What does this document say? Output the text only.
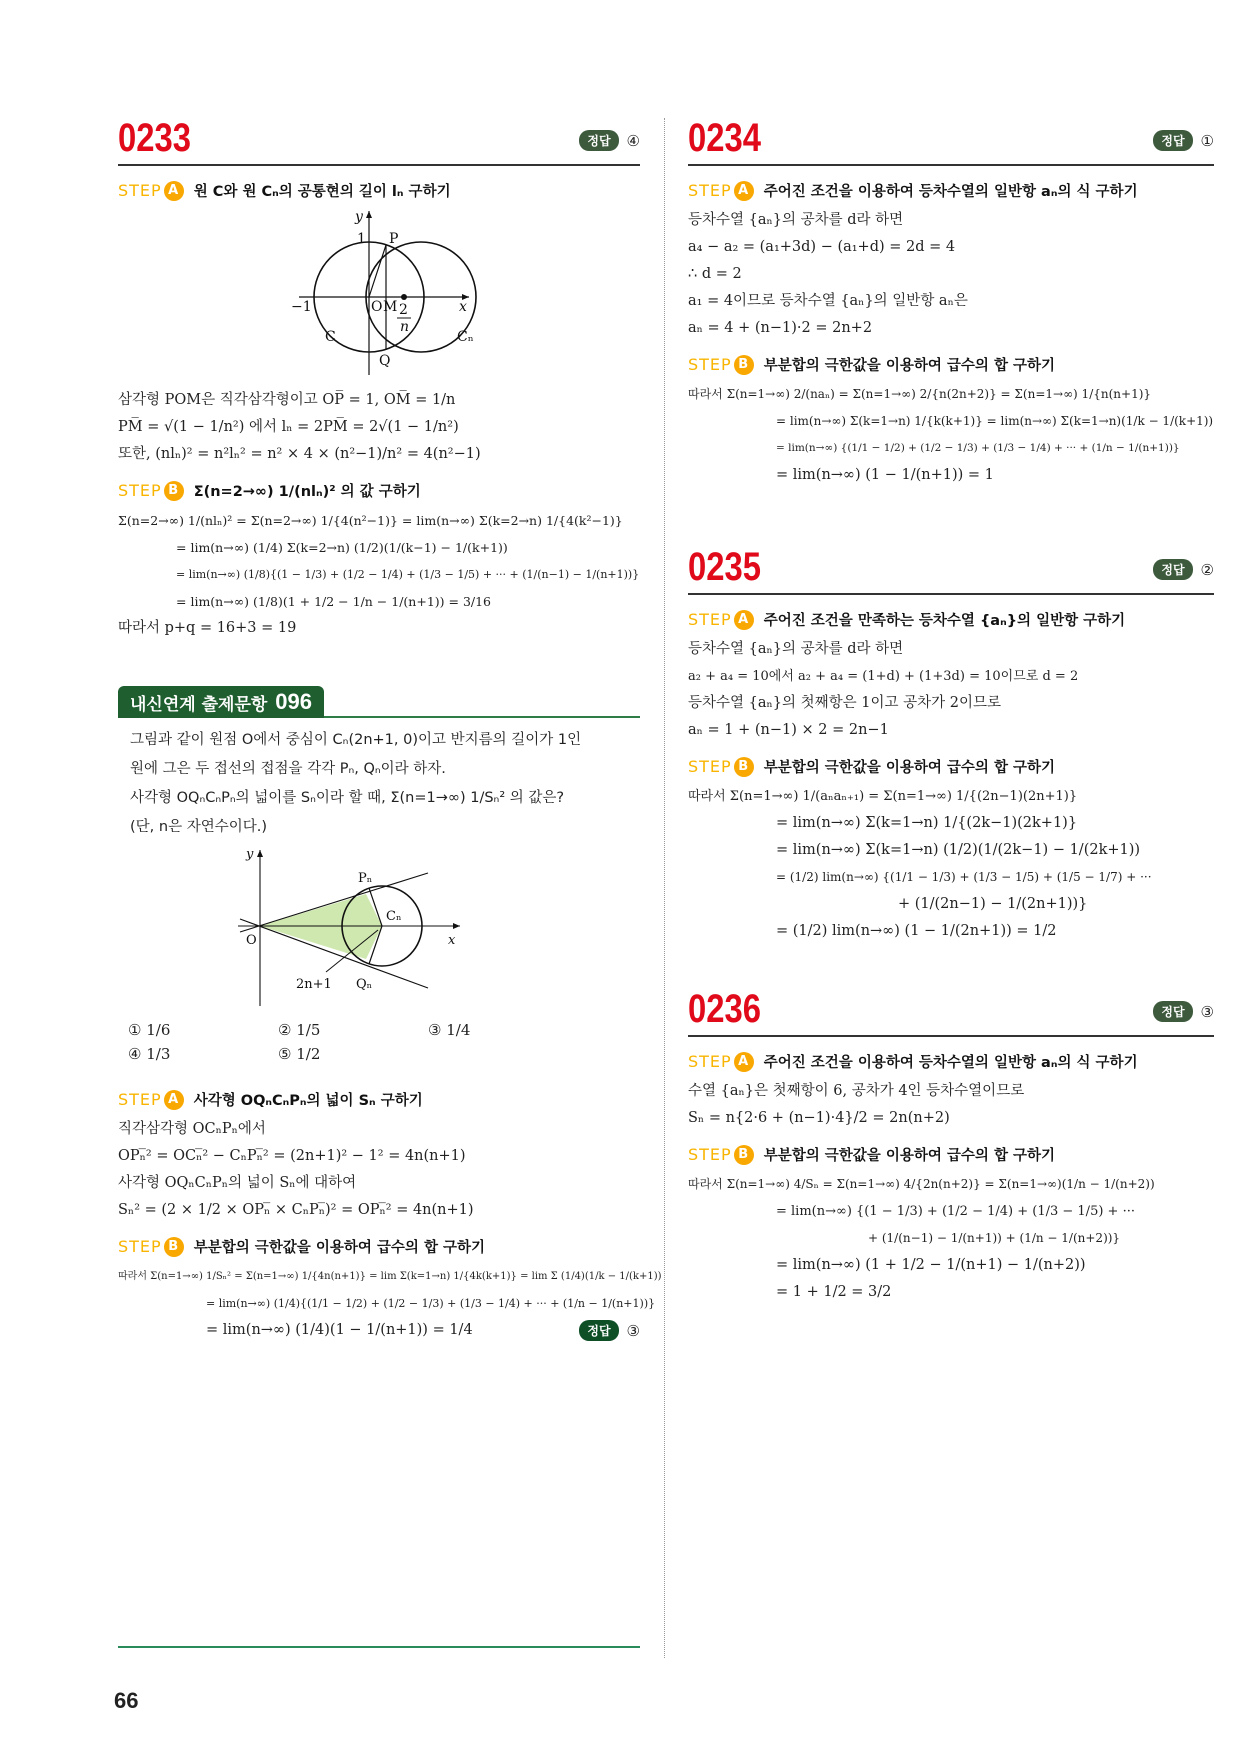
0233	정답	④
STEP A 원 C와 원 Cₙ의 공통현의 길이 lₙ 구하기
y
1 P
−1	O M 2
n
x
C	Cₙ
Q
삼각형 POM은 직각삼각형이고 OP̅ = 1, OM̅ = 1/n
PM̅ = √(1 − 1/n²) 에서 lₙ = 2PM̅ = 2√(1 − 1/n²)
또한, (nlₙ)² = n²lₙ² = n² × 4 × (n²−1)/n² = 4(n²−1)
STEP B	Σ(n=2→∞) 1/(nlₙ)² 의 값 구하기
Σ(n=2→∞) 1/(nlₙ)² = Σ(n=2→∞) 1/{4(n²−1)} = lim(n→∞) Σ(k=2→n) 1/{4(k²−1)}
= lim(n→∞) (1/4) Σ(k=2→n) (1/2)(1/(k−1) − 1/(k+1))
= lim(n→∞) (1/8){(1 − 1/3) + (1/2 − 1/4) + (1/3 − 1/5) + ··· + (1/(n−1) − 1/(n+1))}
= lim(n→∞) (1/8)(1 + 1/2 − 1/n − 1/(n+1)) = 3/16
따라서 p+q = 16+3 = 19
내신연계 출제문항 096
그림과 같이 원점 O에서 중심이 Cₙ(2n+1, 0)이고 반지름의 길이가 1인
원에 그은 두 접선의 접점을 각각 Pₙ, Qₙ이라 하자.
사각형 OQₙCₙPₙ의 넓이를 Sₙ이라 할 때, Σ(n=1→∞) 1/Sₙ² 의 값은?
(단, n은 자연수이다.)
y
Pₙ
Cₙ
x
O
2n+1 Qₙ
① 1/6	② 1/5	③ 1/4
④ 1/3	⑤ 1/2
STEP A 사각형 OQₙCₙPₙ의 넓이 Sₙ 구하기
직각삼각형 OCₙPₙ에서
OPₙ̅² = OCₙ̅² − CₙPₙ̅² = (2n+1)² − 1² = 4n(n+1)
사각형 OQₙCₙPₙ의 넓이 Sₙ에 대하여
Sₙ² = (2 × 1/2 × OPₙ̅ × CₙPₙ̅)² = OPₙ̅² = 4n(n+1)
STEP B	부분합의 극한값을 이용하여 급수의 합 구하기
따라서 Σ(n=1→∞) 1/Sₙ² = Σ(n=1→∞) 1/{4n(n+1)} = lim Σ(k=1→n) 1/{4k(k+1)} = lim Σ (1/4)(1/k − 1/(k+1))
= lim(n→∞) (1/4){(1/1 − 1/2) + (1/2 − 1/3) + (1/3 − 1/4) + ··· + (1/n − 1/(n+1))}
= lim(n→∞) (1/4)(1 − 1/(n+1)) = 1/4	정답	③
0234	정답	①
STEP A 주어진 조건을 이용하여 등차수열의 일반항 aₙ의 식 구하기
등차수열 {aₙ}의 공차를 d라 하면
a₄ − a₂ = (a₁+3d) − (a₁+d) = 2d = 4
∴ d = 2
a₁ = 4이므로 등차수열 {aₙ}의 일반항 aₙ은
aₙ = 4 + (n−1)·2 = 2n+2
STEP B	부분합의 극한값을 이용하여 급수의 합 구하기
따라서 Σ(n=1→∞) 2/(naₙ) = Σ(n=1→∞) 2/{n(2n+2)} = Σ(n=1→∞) 1/{n(n+1)}
= lim(n→∞) Σ(k=1→n) 1/{k(k+1)} = lim(n→∞) Σ(k=1→n)(1/k − 1/(k+1))
= lim(n→∞) {(1/1 − 1/2) + (1/2 − 1/3) + (1/3 − 1/4) + ··· + (1/n − 1/(n+1))}
= lim(n→∞) (1 − 1/(n+1)) = 1
0235	정답	②
STEP A 주어진 조건을 만족하는 등차수열 {aₙ}의 일반항 구하기
등차수열 {aₙ}의 공차를 d라 하면
a₂ + a₄ = 10에서 a₂ + a₄ = (1+d) + (1+3d) = 10이므로 d = 2
등차수열 {aₙ}의 첫째항은 1이고 공차가 2이므로
aₙ = 1 + (n−1) × 2 = 2n−1
STEP B	부분합의 극한값을 이용하여 급수의 합 구하기
따라서 Σ(n=1→∞) 1/(aₙaₙ₊₁) = Σ(n=1→∞) 1/{(2n−1)(2n+1)}
= lim(n→∞) Σ(k=1→n) 1/{(2k−1)(2k+1)}
= lim(n→∞) Σ(k=1→n) (1/2)(1/(2k−1) − 1/(2k+1))
= (1/2) lim(n→∞) {(1/1 − 1/3) + (1/3 − 1/5) + (1/5 − 1/7) + ···
+ (1/(2n−1) − 1/(2n+1))}
= (1/2) lim(n→∞) (1 − 1/(2n+1)) = 1/2
0236	정답	③
STEP A 주어진 조건을 이용하여 등차수열의 일반항 aₙ의 식 구하기
수열 {aₙ}은 첫째항이 6, 공차가 4인 등차수열이므로
Sₙ = n{2·6 + (n−1)·4}/2 = 2n(n+2)
STEP B	부분합의 극한값을 이용하여 급수의 합 구하기
따라서 Σ(n=1→∞) 4/Sₙ = Σ(n=1→∞) 4/{2n(n+2)} = Σ(n=1→∞)(1/n − 1/(n+2))
= lim(n→∞) {(1 − 1/3) + (1/2 − 1/4) + (1/3 − 1/5) + ···
+ (1/(n−1) − 1/(n+1)) + (1/n − 1/(n+2))}
= lim(n→∞) (1 + 1/2 − 1/(n+1) − 1/(n+2))
= 1 + 1/2 = 3/2
66
